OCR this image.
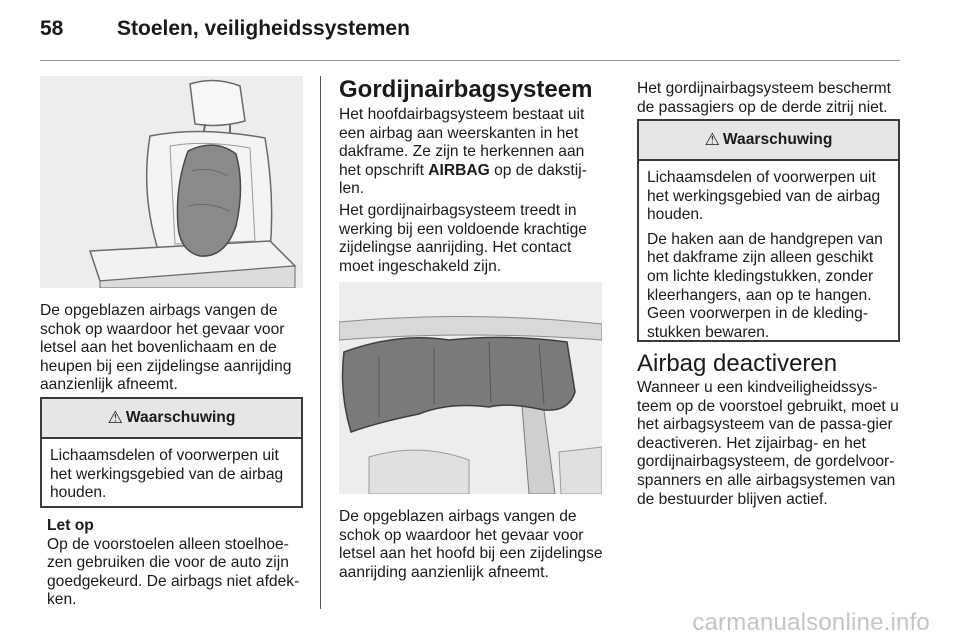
58	Stoelen, veiligheidssystemen
De opgeblazen airbags vangen de schok op waardoor het gevaar voor letsel aan het bovenlichaam en de heupen bij een zijdelingse aanrijding aanzienlijk afneemt.
⚠ Waarschuwing

Lichaamsdelen of voorwerpen uit het werkingsgebied van de airbag houden.

Let op
Op de voorstoelen alleen stoelhoe-zen gebruiken die voor de auto zijn goedgekeurd. De airbags niet afdek-ken.
Gordijnairbagsysteem
Het hoofdairbagsysteem bestaat uit een airbag aan weerskanten in het dakframe. Ze zijn te herkennen aan het opschrift AIRBAG op de dakstij-len.
Het gordijnairbagsysteem treedt in werking bij een voldoende krachtige zijdelingse aanrijding. Het contact moet ingeschakeld zijn.
De opgeblazen airbags vangen de schok op waardoor het gevaar voor letsel aan het hoofd bij een zijdelingse aanrijding aanzienlijk afneemt.
Het gordijnairbagsysteem beschermt de passagiers op de derde zitrij niet.
⚠ Waarschuwing

Lichaamsdelen of voorwerpen uit het werkingsgebied van de airbag houden.

De haken aan de handgrepen van het dakframe zijn alleen geschikt om lichte kledingstukken, zonder kleerhangers, aan op te hangen. Geen voorwerpen in de kleding-stukken bewaren.

Airbag deactiveren
Wanneer u een kindveiligheidssys-teem op de voorstoel gebruikt, moet u het airbagsysteem van de passa-gier deactiveren. Het zijairbag- en het gordijnairbagsysteem, de gordelvoor-spanners en alle airbagsystemen van de bestuurder blijven actief.
carmanualsonline.info
